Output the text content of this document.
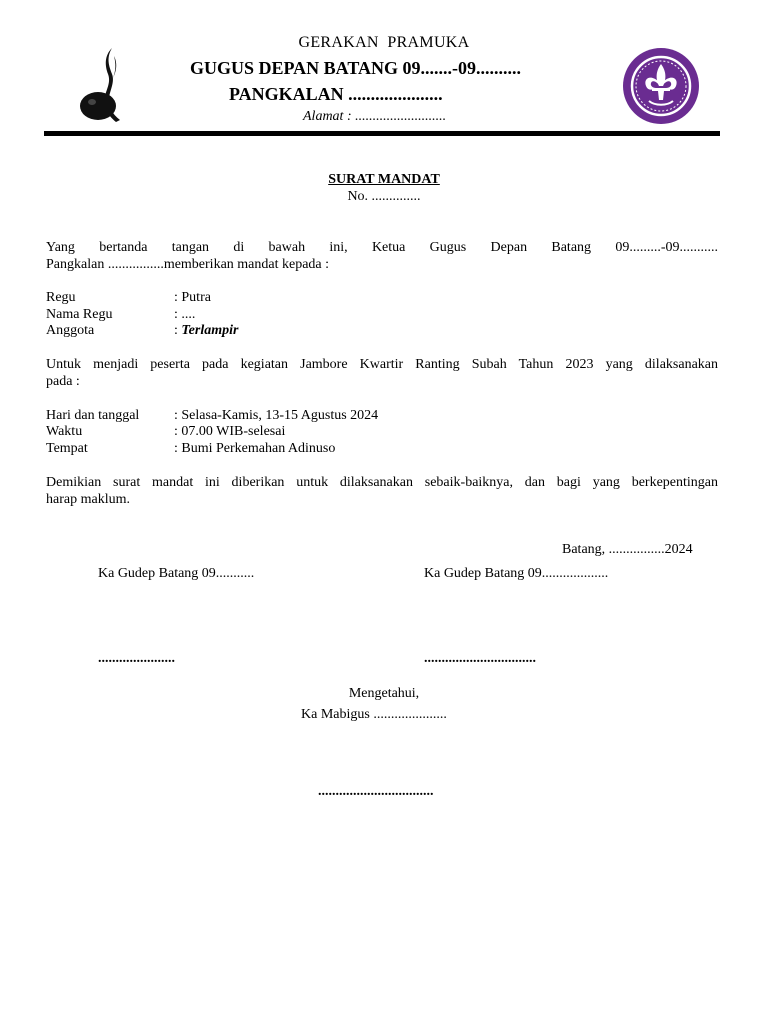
GERAKAN  PRAMUKA
GUGUS DEPAN BATANG 09.......-09..........
PANGKALAN .....................
Alamat : ..........................
SURAT MANDAT
No. ..............
Yang bertanda tangan di bawah ini, Ketua Gugus Depan Batang 09.........-09...........
Pangkalan ................memberikan mandat kepada :
Regu	: Putra
Nama Regu	: ....
Anggota	: Terlampir
Untuk menjadi peserta pada kegiatan Jambore Kwartir Ranting Subah Tahun 2023 yang dilaksanakan
pada :
Hari dan tanggal : Selasa-Kamis, 13-15 Agustus 2024
Waktu	: 07.00 WIB-selesai
Tempat	: Bumi Perkemahan Adinuso
Demikian surat mandat ini diberikan untuk dilaksanakan sebaik-baiknya, dan bagi yang berkepentingan
harap maklum.
Batang, ................2024
Ka Gudep Batang 09...........	Ka Gudep Batang 09...................
......................	................................
Mengetahui,
Ka Mabigus .....................
.................................
